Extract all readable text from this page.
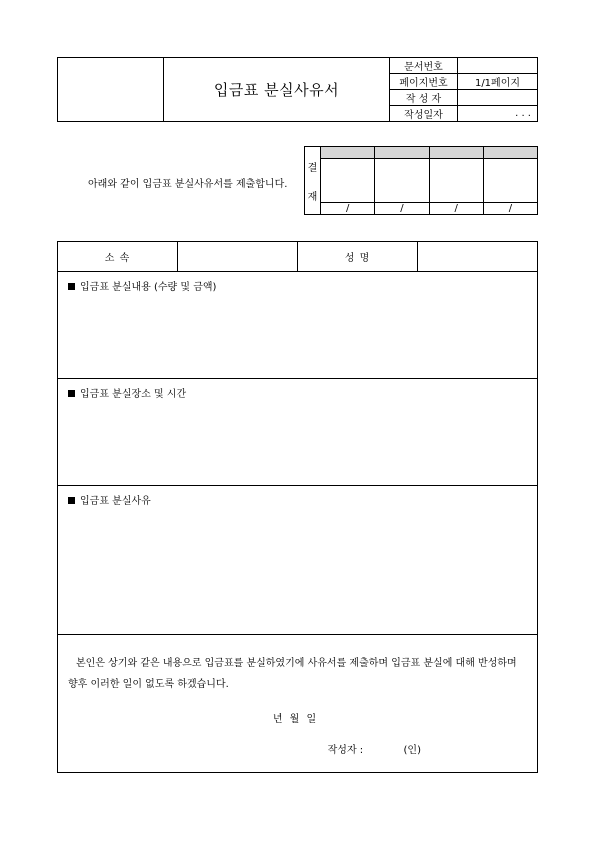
	입금표 분실사유서	문서번호	
		페이지번호	1/1페이지
		작 성 자	
		작성일자	. . .
아래와 같이 입금표 분실사유서를 제출합니다.
결
재				

	/	/	/	/
소 속		성 명	
입금표 분실내용 (수량 및 금액)
입금표 분실장소 및 시간
입금표 분실사유

본인은 상기와 같은 내용으로 입금표를 분실하였기에 사유서를 제출하며 입금표 분실에 대해 반성하며 향후 이러한 일이 없도록 하겠습니다.
년 월 일
작성자 :	(인)
